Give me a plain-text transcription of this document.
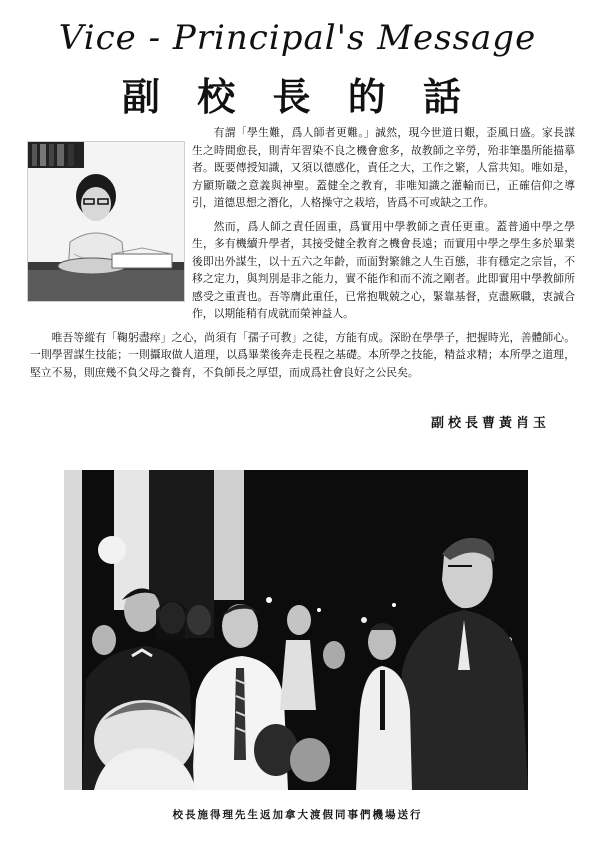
Vice - Principal's Message
副 校 長 的 話

有謂「學生難，爲人師者更難。」誠然，現今世道日艱，歪風日盛。家長謀生之時間愈長，則青年習染不良之機會愈多，故教師之辛勞，殆非筆墨所能描摹者。既要傳授知識，又須以德感化，責任之大，工作之繁，人當共知。唯如是，方顯斯職之意義與神聖。蓋健全之教育，非唯知識之灌輸而已，正確信仰之導引，道德思想之潛化，人格操守之栽培，皆爲不可或缺之工作。

然而，爲人師之責任固重，爲實用中學教師之責任更重。蓋普通中學之學生，多有機續升學者，其接受健全教育之機會長遠；而實用中學之學生多於畢業後即出外謀生，以十五六之年齡，而面對繁雜之人生百態，非有穩定之宗旨，不移之定力，與判別是非之能力，實不能作和而不流之剛者。此即實用中學教師所感受之重責也。吾等膺此重任，已常抱戰兢之心，緊靠基督，克盡厥職，衷誠合作，以期能稍有成就而榮神益人。

唯吾等縱有「鞠躬盡瘁」之心，尚須有「孺子可教」之徒，方能有成。深盼在學學子，把握時光，善體師心。一則學習謀生技能；一則攝取做人道理，以爲畢業後奔走長程之基礎。本所學之技能，精益求精；本所學之道理，堅立不易，則庶幾不負父母之養育，不負師長之厚望，而成爲社會良好之公民矣。

副校長曹黃肖玉
校長施得理先生返加拿大渡假同事們機場送行
